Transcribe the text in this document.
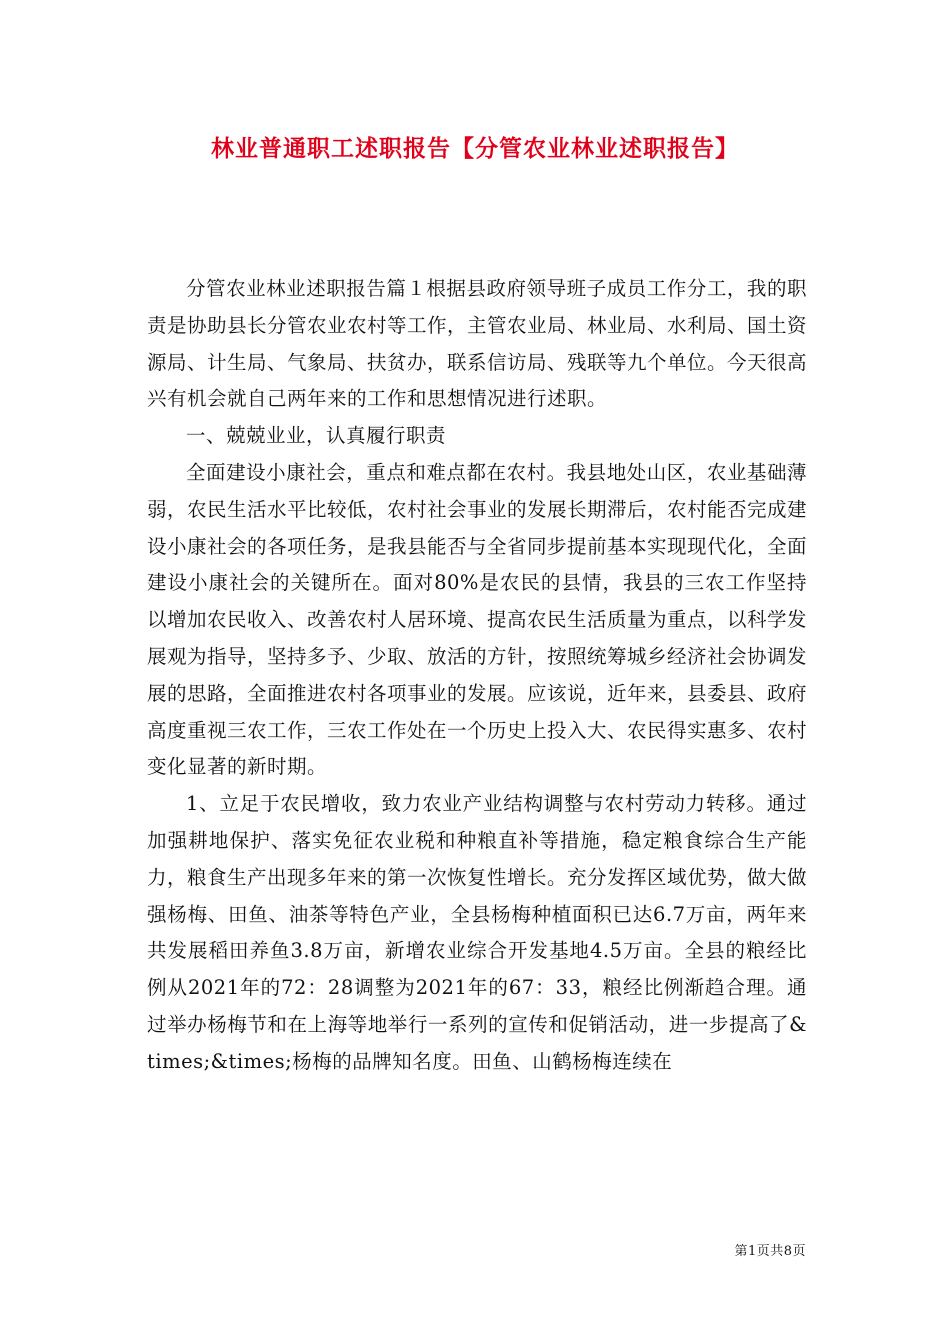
林业普通职工述职报告【分管农业林业述职报告】

分管农业林业述职报告篇１根据县政府领导班子成员工作分工，我的职责是协助县长分管农业农村等工作，主管农业局、林业局、水利局、国土资源局、计生局、气象局、扶贫办，联系信访局、残联等九个单位。今天很高兴有机会就自己两年来的工作和思想情况进行述职。

一、兢兢业业，认真履行职责

全面建设小康社会，重点和难点都在农村。我县地处山区，农业基础薄弱，农民生活水平比较低，农村社会事业的发展长期滞后，农村能否完成建设小康社会的各项任务，是我县能否与全省同步提前基本实现现代化，全面建设小康社会的关键所在。面对80%是农民的县情，我县的三农工作坚持以增加农民收入、改善农村人居环境、提高农民生活质量为重点，以科学发展观为指导，坚持多予、少取、放活的方针，按照统筹城乡经济社会协调发展的思路，全面推进农村各项事业的发展。应该说，近年来，县委县、政府高度重视三农工作，三农工作处在一个历史上投入大、农民得实惠多、农村变化显著的新时期。

1、立足于农民增收，致力农业产业结构调整与农村劳动力转移。通过加强耕地保护、落实免征农业税和种粮直补等措施，稳定粮食综合生产能力，粮食生产出现多年来的第一次恢复性增长。充分发挥区域优势，做大做强杨梅、田鱼、油茶等特色产业，全县杨梅种植面积已达6.7万亩，两年来共发展稻田养鱼3.8万亩，新增农业综合开发基地4.5万亩。全县的粮经比例从2021年的72：28调整为2021年的67：33，粮经比例渐趋合理。通过举办杨梅节和在上海等地举行一系列的宣传和促销活动，进一步提高了&times;&times;杨梅的品牌知名度。田鱼、山鹤杨梅连续在

第1页共8页
